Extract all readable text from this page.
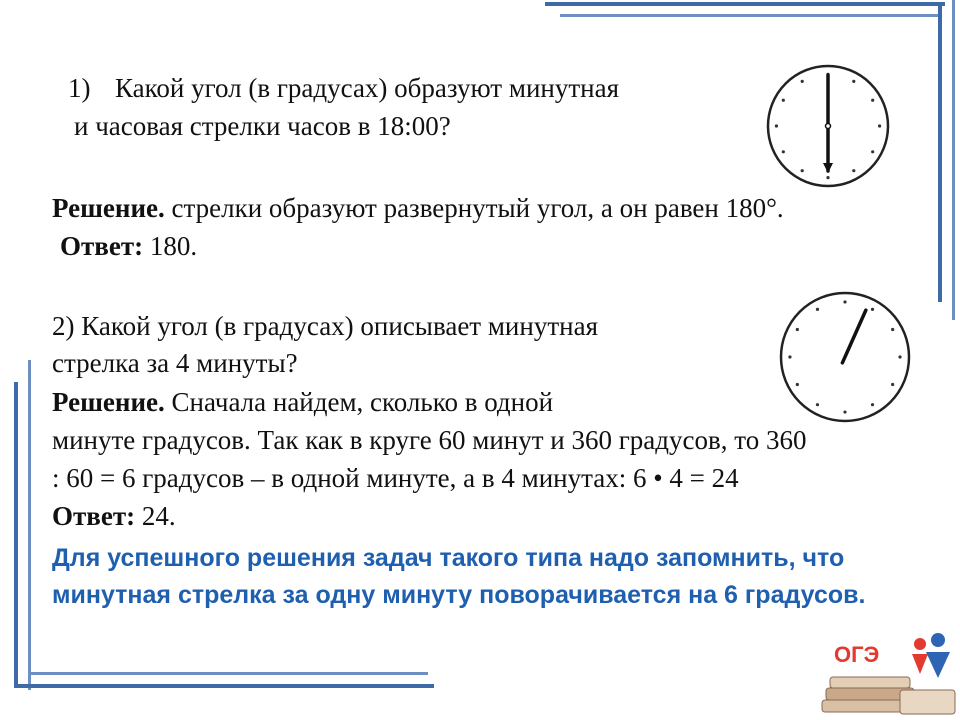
1) Какой угол (в градусах) образуют минутная
и часовая стрелки часов в 18:00?
Решение. стрелки образуют развернутый угол, а он равен 180°.
Ответ: 180.
2) Какой угол (в градусах) описывает минутная
стрелка за 4 минуты?
Решение. Сначала найдем, сколько в одной
минуте градусов. Так как в круге 60 минут и 360 градусов, то 360
: 60 = 6 градусов – в одной минуте, а в 4 минутах: 6 • 4 = 24
Ответ: 24.
Для успешного решения задач такого типа надо запомнить, что минутная стрелка за одну минуту поворачивается на 6 градусов.
ОГЭ
